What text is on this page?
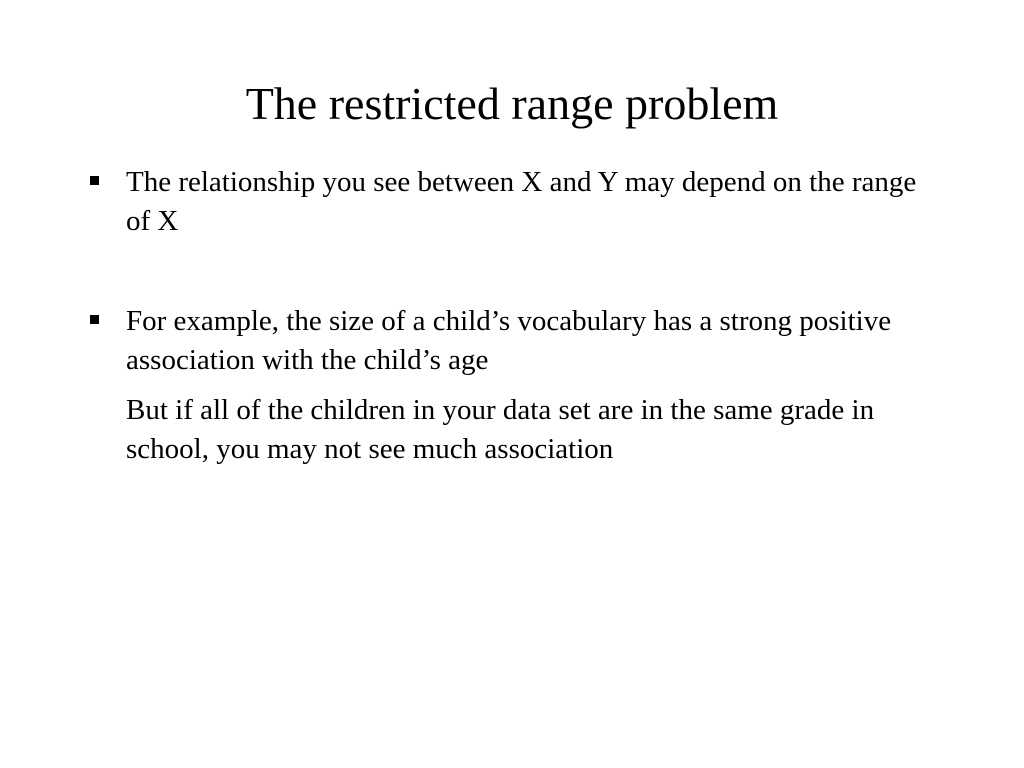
The restricted range problem

The relationship you see between X and Y may depend on the range of X

For example, the size of a child’s vocabulary has a strong positive association with the child’s age

But if all of the children in your data set are in the same grade in school, you may not see much association
